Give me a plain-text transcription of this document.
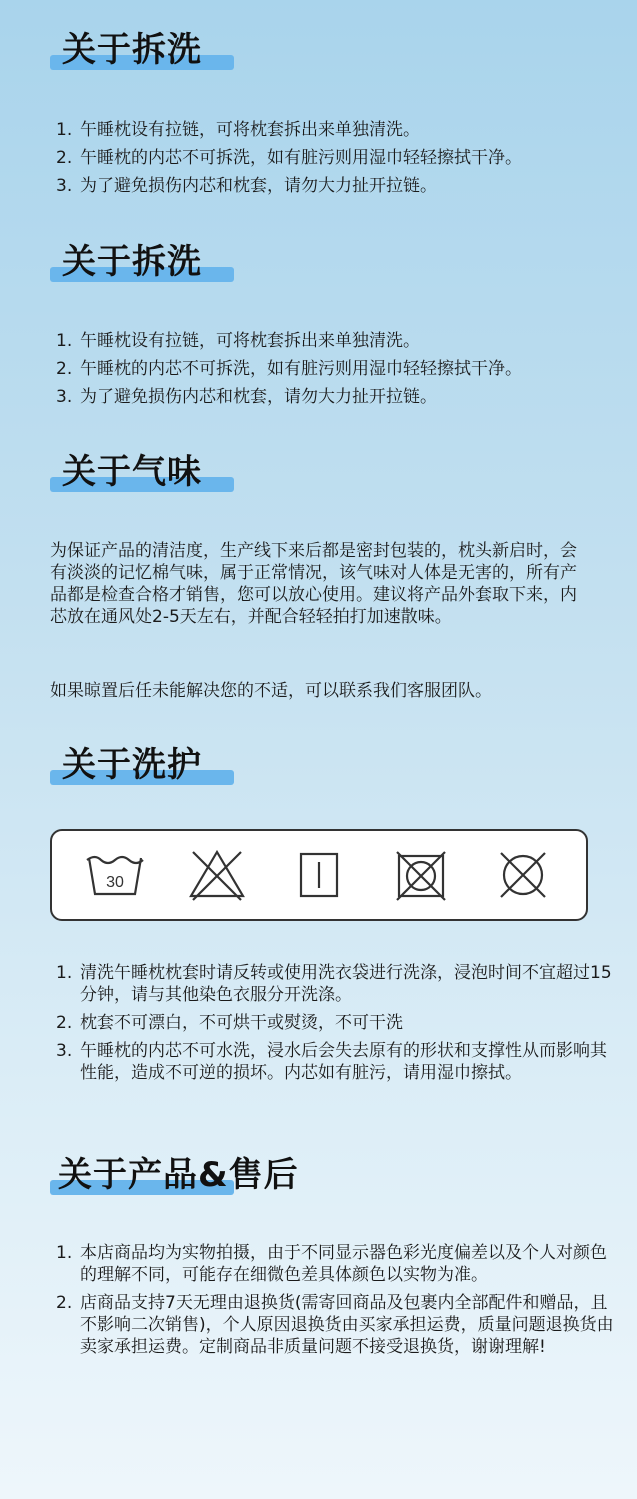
关于拆洗
1. 午睡枕设有拉链，可将枕套拆出来单独清洗。
2. 午睡枕的内芯不可拆洗，如有脏污则用湿巾轻轻擦拭干净。
3. 为了避免损伤内芯和枕套，请勿大力扯开拉链。
关于拆洗
1. 午睡枕设有拉链，可将枕套拆出来单独清洗。
2. 午睡枕的内芯不可拆洗，如有脏污则用湿巾轻轻擦拭干净。
3. 为了避免损伤内芯和枕套，请勿大力扯开拉链。
关于气味

为保证产品的清洁度，生产线下来后都是密封包装的，枕头新启时，会有淡淡的记忆棉气味，属于正常情况，该气味对人体是无害的，所有产品都是检查合格才销售，您可以放心使用。建议将产品外套取下来，内芯放在通风处2-5天左右，并配合轻轻拍打加速散味。

如果晾置后任未能解决您的不适，可以联系我们客服团队。

关于洗护
30
1. 清洗午睡枕枕套时请反转或使用洗衣袋进行洗涤，浸泡时间不宜超过15分钟，请与其他染色衣服分开洗涤。
2. 枕套不可漂白，不可烘干或熨烫，不可干洗
3. 午睡枕的内芯不可水洗，浸水后会失去原有的形状和支撑性从而影响其性能，造成不可逆的损坏。内芯如有脏污，请用湿巾擦拭。
关于产品&售后
1. 本店商品均为实物拍摄，由于不同显示器色彩光度偏差以及个人对颜色的理解不同，可能存在细微色差具体颜色以实物为准。
2. 店商品支持7天无理由退换货(需寄回商品及包裹内全部配件和赠品，且不影响二次销售)，个人原因退换货由买家承担运费，质量问题退换货由卖家承担运费。定制商品非质量问题不接受退换货，谢谢理解!
